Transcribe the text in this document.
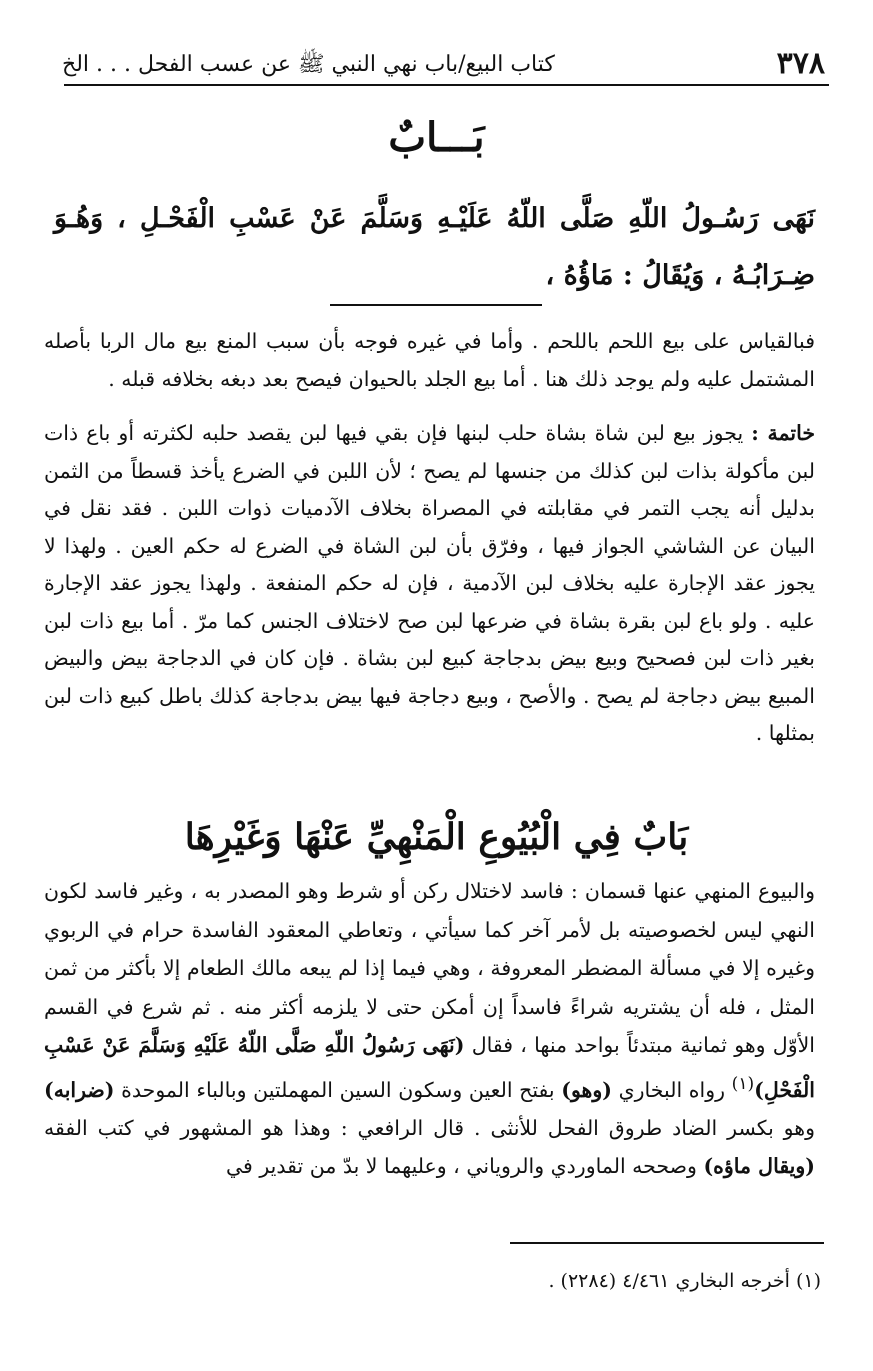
٣٧٨
كتاب البيع/باب نهي النبي ﷺ عن عسب الفحل . . . الخ
بَـــابٌ
نَهَى رَسُـولُ اللّهِ صَلَّى اللّهُ عَلَيْـهِ وَسَلَّمَ عَنْ عَسْبِ الْفَحْـلِ ، وَهُـوَ ضِـرَابُـهُ ، وَيُقَالُ : مَاؤُهُ ،
فبالقياس على بيع اللحم باللحم . وأما في غيره فوجه بأن سبب المنع بيع مال الربا بأصله المشتمل عليه ولم يوجد ذلك هنا . أما بيع الجلد بالحيوان فيصح بعد دبغه بخلافه قبله .
خاتمة : يجوز بيع لبن شاة بشاة حلب لبنها فإن بقي فيها لبن يقصد حلبه لكثرته أو باع ذات لبن مأكولة بذات لبن كذلك من جنسها لم يصح ؛ لأن اللبن في الضرع يأخذ قسطاً من الثمن بدليل أنه يجب التمر في مقابلته في المصراة بخلاف الآدميات ذوات اللبن . فقد نقل في البيان عن الشاشي الجواز فيها ، وفرّق بأن لبن الشاة في الضرع له حكم العين . ولهذا لا يجوز عقد الإجارة عليه بخلاف لبن الآدمية ، فإن له حكم المنفعة . ولهذا يجوز عقد الإجارة عليه . ولو باع لبن بقرة بشاة في ضرعها لبن صح لاختلاف الجنس كما مرّ . أما بيع ذات لبن بغير ذات لبن فصحيح وبيع بيض بدجاجة كبيع لبن بشاة . فإن كان في الدجاجة بيض والبيض المبيع بيض دجاجة لم يصح . والأصح ، وبيع دجاجة فيها بيض بدجاجة كذلك باطل كبيع ذات لبن بمثلها .
بَابٌ فِي الْبُيُوعِ الْمَنْهِيِّ عَنْهَا وَغَيْرِهَا
والبيوع المنهي عنها قسمان : فاسد لاختلال ركن أو شرط وهو المصدر به ، وغير فاسد لكون النهي ليس لخصوصيته بل لأمر آخر كما سيأتي ، وتعاطي المعقود الفاسدة حرام في الربوي وغيره إلا في مسألة المضطر المعروفة ، وهي فيما إذا لم يبعه مالك الطعام إلا بأكثر من ثمن المثل ، فله أن يشتريه شراءً فاسداً إن أمكن حتى لا يلزمه أكثر منه . ثم شرع في القسم الأوّل وهو ثمانية مبتدئاً بواحد منها ، فقال (نَهَى رَسُولُ اللّهِ صَلَّى اللّهُ عَلَيْهِ وَسَلَّمَ عَنْ عَسْبِ الْفَحْلِ)$^{(١)}$ رواه البخاري (وهو) بفتح العين وسكون السين المهملتين وبالباء الموحدة (ضرابه) وهو بكسر الضاد طروق الفحل للأنثى . قال الرافعي : وهذا هو المشهور في كتب الفقه (ويقال ماؤه) وصححه الماوردي والروياني ، وعليهما لا بدّ من تقدير في
(١) أخرجه البخاري ٤/٤٦١ (٢٢٨٤) .
